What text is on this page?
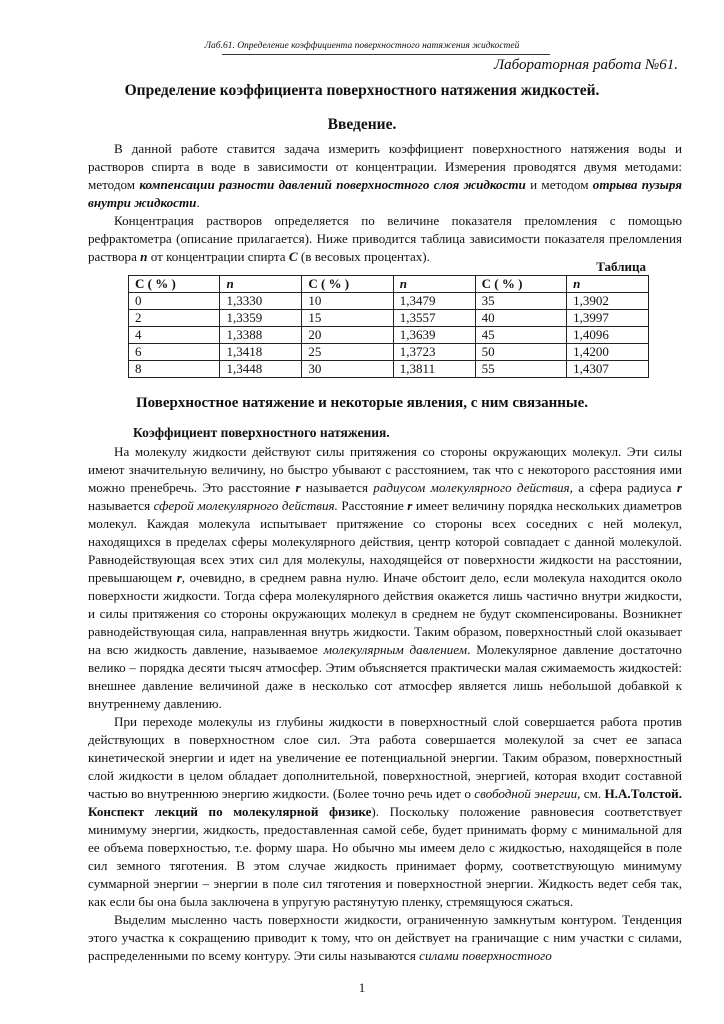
Лаб.61. Определение коэффициента поверхностного натяжения жидкостей
Лабораторная работа №61.
Определение коэффициента поверхностного натяжения жидкостей.
Введение.

В данной работе ставится задача измерить коэффициент поверхностного натяжения воды и растворов спирта в воде в зависимости от концентрации. Измерения проводятся двумя методами: методом компенсации разности давлений поверхностного слоя жидкости и методом отрыва пузыря внутри жидкости.

Концентрация растворов определяется по величине показателя преломления с помощью рефрактометра (описание прилагается). Ниже приводится таблица зависимости показателя преломления раствора n от концентрации спирта C (в весовых процентах).

Таблица
C ( % )	n	C ( % )	n	C ( % )	n
0	1,3330	10	1,3479	35	1,3902
2	1,3359	15	1,3557	40	1,3997
4	1,3388	20	1,3639	45	1,4096
6	1,3418	25	1,3723	50	1,4200
8	1,3448	30	1,3811	55	1,4307
Поверхностное натяжение и некоторые явления, с ним связанные.
Коэффициент поверхностного натяжения.

На молекулу жидкости действуют силы притяжения со стороны окружающих молекул. Эти силы имеют значительную величину, но быстро убывают с расстоянием, так что с некоторого расстояния ими можно пренебречь. Это расстояние r называется радиусом молекулярного действия, а сфера радиуса r называется сферой молекулярного действия. Расстояние r имеет величину порядка нескольких диаметров молекул. Каждая молекула испытывает притяжение со стороны всех соседних с ней молекул, находящихся в пределах сферы молекулярного действия, центр которой совпадает с данной молекулой. Равнодействующая всех этих сил для молекулы, находящейся от поверхности жидкости на расстоянии, превышающем r, очевидно, в среднем равна нулю. Иначе обстоит дело, если молекула находится около поверхности жидкости. Тогда сфера молекулярного действия окажется лишь частично внутри жидкости, и силы притяжения со стороны окружающих молекул в среднем не будут скомпенсированы. Возникнет равнодействующая сила, направленная внутрь жидкости. Таким образом, поверхностный слой оказывает на всю жидкость давление, называемое молекулярным давлением. Молекулярное давление достаточно велико – порядка десяти тысяч атмосфер. Этим объясняется практически малая сжимаемость жидкостей: внешнее давление величиной даже в несколько сот атмосфер является лишь небольшой добавкой к внутреннему давлению.

При переходе молекулы из глубины жидкости в поверхностный слой совершается работа против действующих в поверхностном слое сил. Эта работа совершается молекулой за счет ее запаса кинетической энергии и идет на увеличение ее потенциальной энергии. Таким образом, поверхностный слой жидкости в целом обладает дополнительной, поверхностной, энергией, которая входит составной частью во внутреннюю энергию жидкости. (Более точно речь идет о свободной энергии, см. Н.А.Толстой. Конспект лекций по молекулярной физике). Поскольку положение равновесия соответствует минимуму энергии, жидкость, предоставленная самой себе, будет принимать форму с минимальной для ее объема поверхностью, т.е. форму шара. Но обычно мы имеем дело с жидкостью, находящейся в поле сил земного тяготения. В этом случае жидкость принимает форму, соответствующую минимуму суммарной энергии – энергии в поле сил тяготения и поверхностной энергии. Жидкость ведет себя так, как если бы она была заключена в упругую растянутую пленку, стремящуюся сжаться.

Выделим мысленно часть поверхности жидкости, ограниченную замкнутым контуром. Тенденция этого участка к сокращению приводит к тому, что он действует на граничащие с ним участки с силами, распределенными по всему контуру. Эти силы называются силами поверхностного

1
